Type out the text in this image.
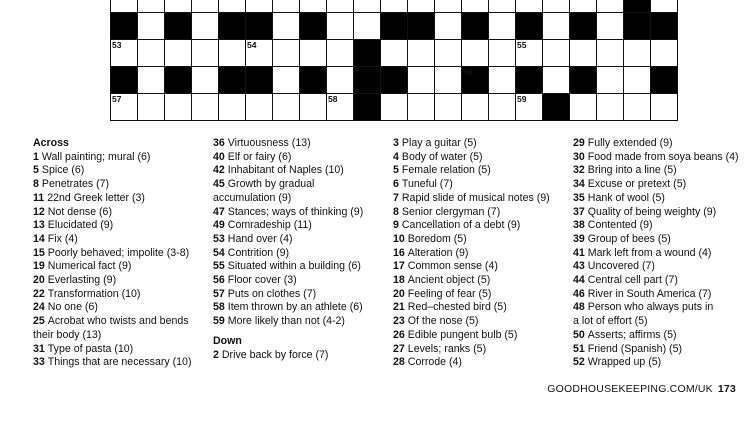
53	54	55
56
57	58	59
Across
1 Wall painting; mural (6)
5 Spice (6)
8 Penetrates (7)
11 22nd Greek letter (3)
12 Not dense (6)
13 Elucidated (9)
14 Fix (4)
15 Poorly behaved; impolite (3-8)
19 Numerical fact (9)
20 Everlasting (9)
22 Transformation (10)
24 No one (6)
25 Acrobat who twists and bends
their body (13)
31 Type of pasta (10)
33 Things that are necessary (10)
36 Virtuousness (13)
40 Elf or fairy (6)
42 Inhabitant of Naples (10)
45 Growth by gradual
accumulation (9)
47 Stances; ways of thinking (9)
49 Comradeship (11)
53 Hand over (4)
54 Contrition (9)
55 Situated within a building (6)
56 Floor cover (3)
57 Puts on clothes (7)
58 Item thrown by an athlete (6)
59 More likely than not (4-2)
Down
2 Drive back by force (7)
3 Play a guitar (5)
4 Body of water (5)
5 Female relation (5)
6 Tuneful (7)
7 Rapid slide of musical notes (9)
8 Senior clergyman (7)
9 Cancellation of a debt (9)
10 Boredom (5)
16 Alteration (9)
17 Common sense (4)
18 Ancient object (5)
20 Feeling of fear (5)
21 Red–chested bird (5)
23 Of the nose (5)
26 Edible pungent bulb (5)
27 Levels; ranks (5)
28 Corrode (4)
29 Fully extended (9)
30 Food made from soya beans (4)
32 Bring into a line (5)
34 Excuse or pretext (5)
35 Hank of wool (5)
37 Quality of being weighty (9)
38 Contented (9)
39 Group of bees (5)
41 Mark left from a wound (4)
43 Uncovered (7)
44 Central cell part (7)
46 River in South America (7)
48 Person who always puts in
a lot of effort (5)
50 Asserts; affirms (5)
51 Friend (Spanish) (5)
52 Wrapped up (5)
GOODHOUSEKEEPING.COM/UK 173
